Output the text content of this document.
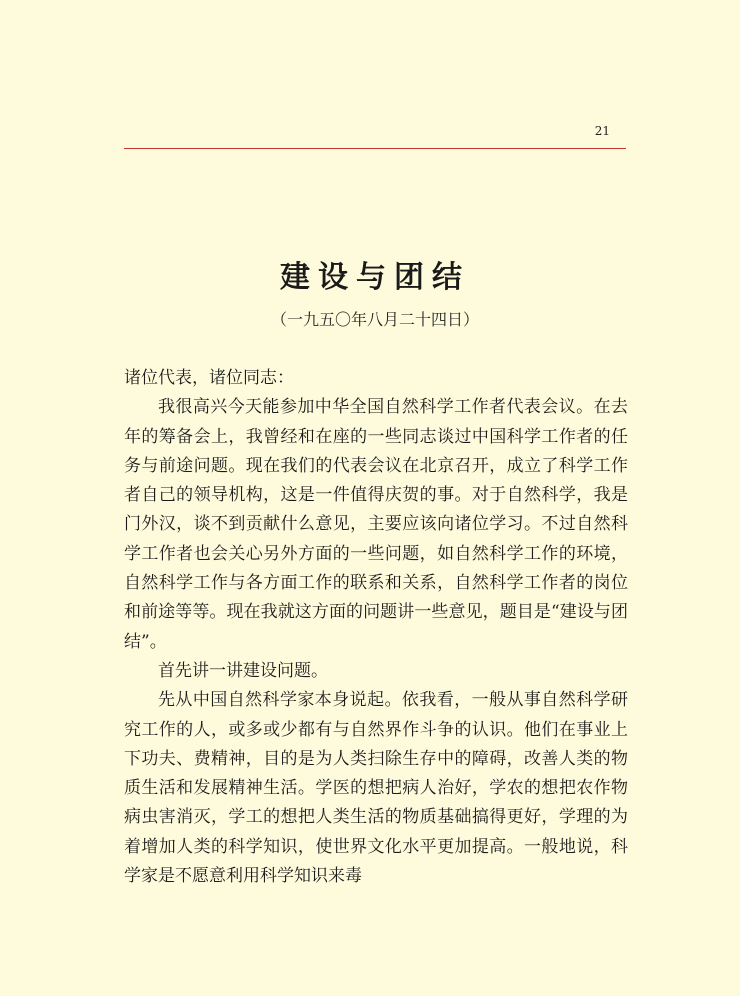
21
建设与团结
（一九五〇年八月二十四日）

诸位代表，诸位同志：

我很高兴今天能参加中华全国自然科学工作者代表会议。在去年的筹备会上，我曾经和在座的一些同志谈过中国科学工作者的任务与前途问题。现在我们的代表会议在北京召开，成立了科学工作者自己的领导机构，这是一件值得庆贺的事。对于自然科学，我是门外汉，谈不到贡献什么意见，主要应该向诸位学习。不过自然科学工作者也会关心另外方面的一些问题，如自然科学工作的环境，自然科学工作与各方面工作的联系和关系，自然科学工作者的岗位和前途等等。现在我就这方面的问题讲一些意见，题目是“建设与团结”。

首先讲一讲建设问题。

先从中国自然科学家本身说起。依我看，一般从事自然科学研究工作的人，或多或少都有与自然界作斗争的认识。他们在事业上下功夫、费精神，目的是为人类扫除生存中的障碍，改善人类的物质生活和发展精神生活。学医的想把病人治好，学农的想把农作物病虫害消灭，学工的想把人类生活的物质基础搞得更好，学理的为着增加人类的科学知识，使世界文化水平更加提高。一般地说，科学家是不愿意利用科学知识来毒
